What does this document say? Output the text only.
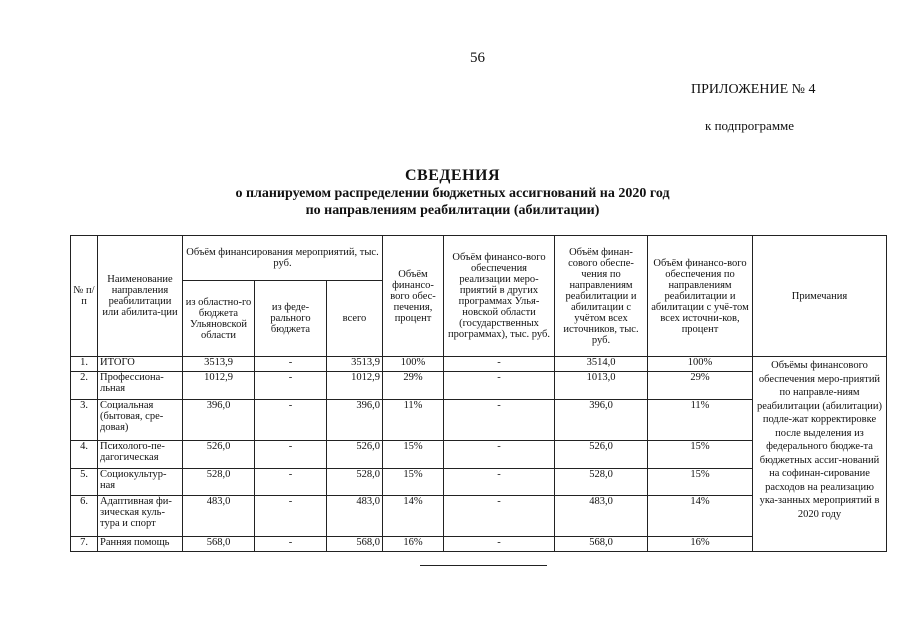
56
ПРИЛОЖЕНИЕ № 4
к подпрограмме
СВЕДЕНИЯ
о планируемом распределении бюджетных ассигнований на 2020 год
по направлениям реабилитации (абилитации)
№ п/п	Наименование направления реабилитации или абилита-ции	Объём финансирования мероприятий, тыс. руб.			Объём финансо-вого обес-печения, процент	Объём финансо-вого обеспечения реализации меро-приятий в других программах Улья-новской области (государственных программах), тыс. руб.	Объём финан-сового обеспе-чения по направлениям реабилитации и абилитации с учётом всех источников, тыс. руб.	Объём финансо-вого обеспечения по направлениям реабилитации и абилитации с учё-том всех источни-ков, процент	Примечания
		из областно-го бюджета Ульяновской области	из феде-рального бюджета	всего					
1.	ИТОГО	3513,9	-	3513,9	100%	-	3514,0	100%	Объёмы финансового обеспечения меро-приятий по направле-ниям реабилитации (абилитации) подле-жат корректировке после выделения из федерального бюдже-та бюджетных ассиг-нований на софинан-сирование расходов на реализацию ука-занных мероприятий в 2020 году
2.	Профессиона-льная	1012,9	-	1012,9	29%	-	1013,0	29%	
3.	Социальная (бытовая, сре-довая)	396,0	-	396,0	11%	-	396,0	11%	
4.	Психолого-пе-дагогическая	526,0	-	526,0	15%	-	526,0	15%	
5.	Социокультур-ная	528,0	-	528,0	15%	-	528,0	15%	
6.	Адаптивная фи-зическая куль-тура и спорт	483,0	-	483,0	14%	-	483,0	14%	
7.	Ранняя помощь	568,0	-	568,0	16%	-	568,0	16%	
